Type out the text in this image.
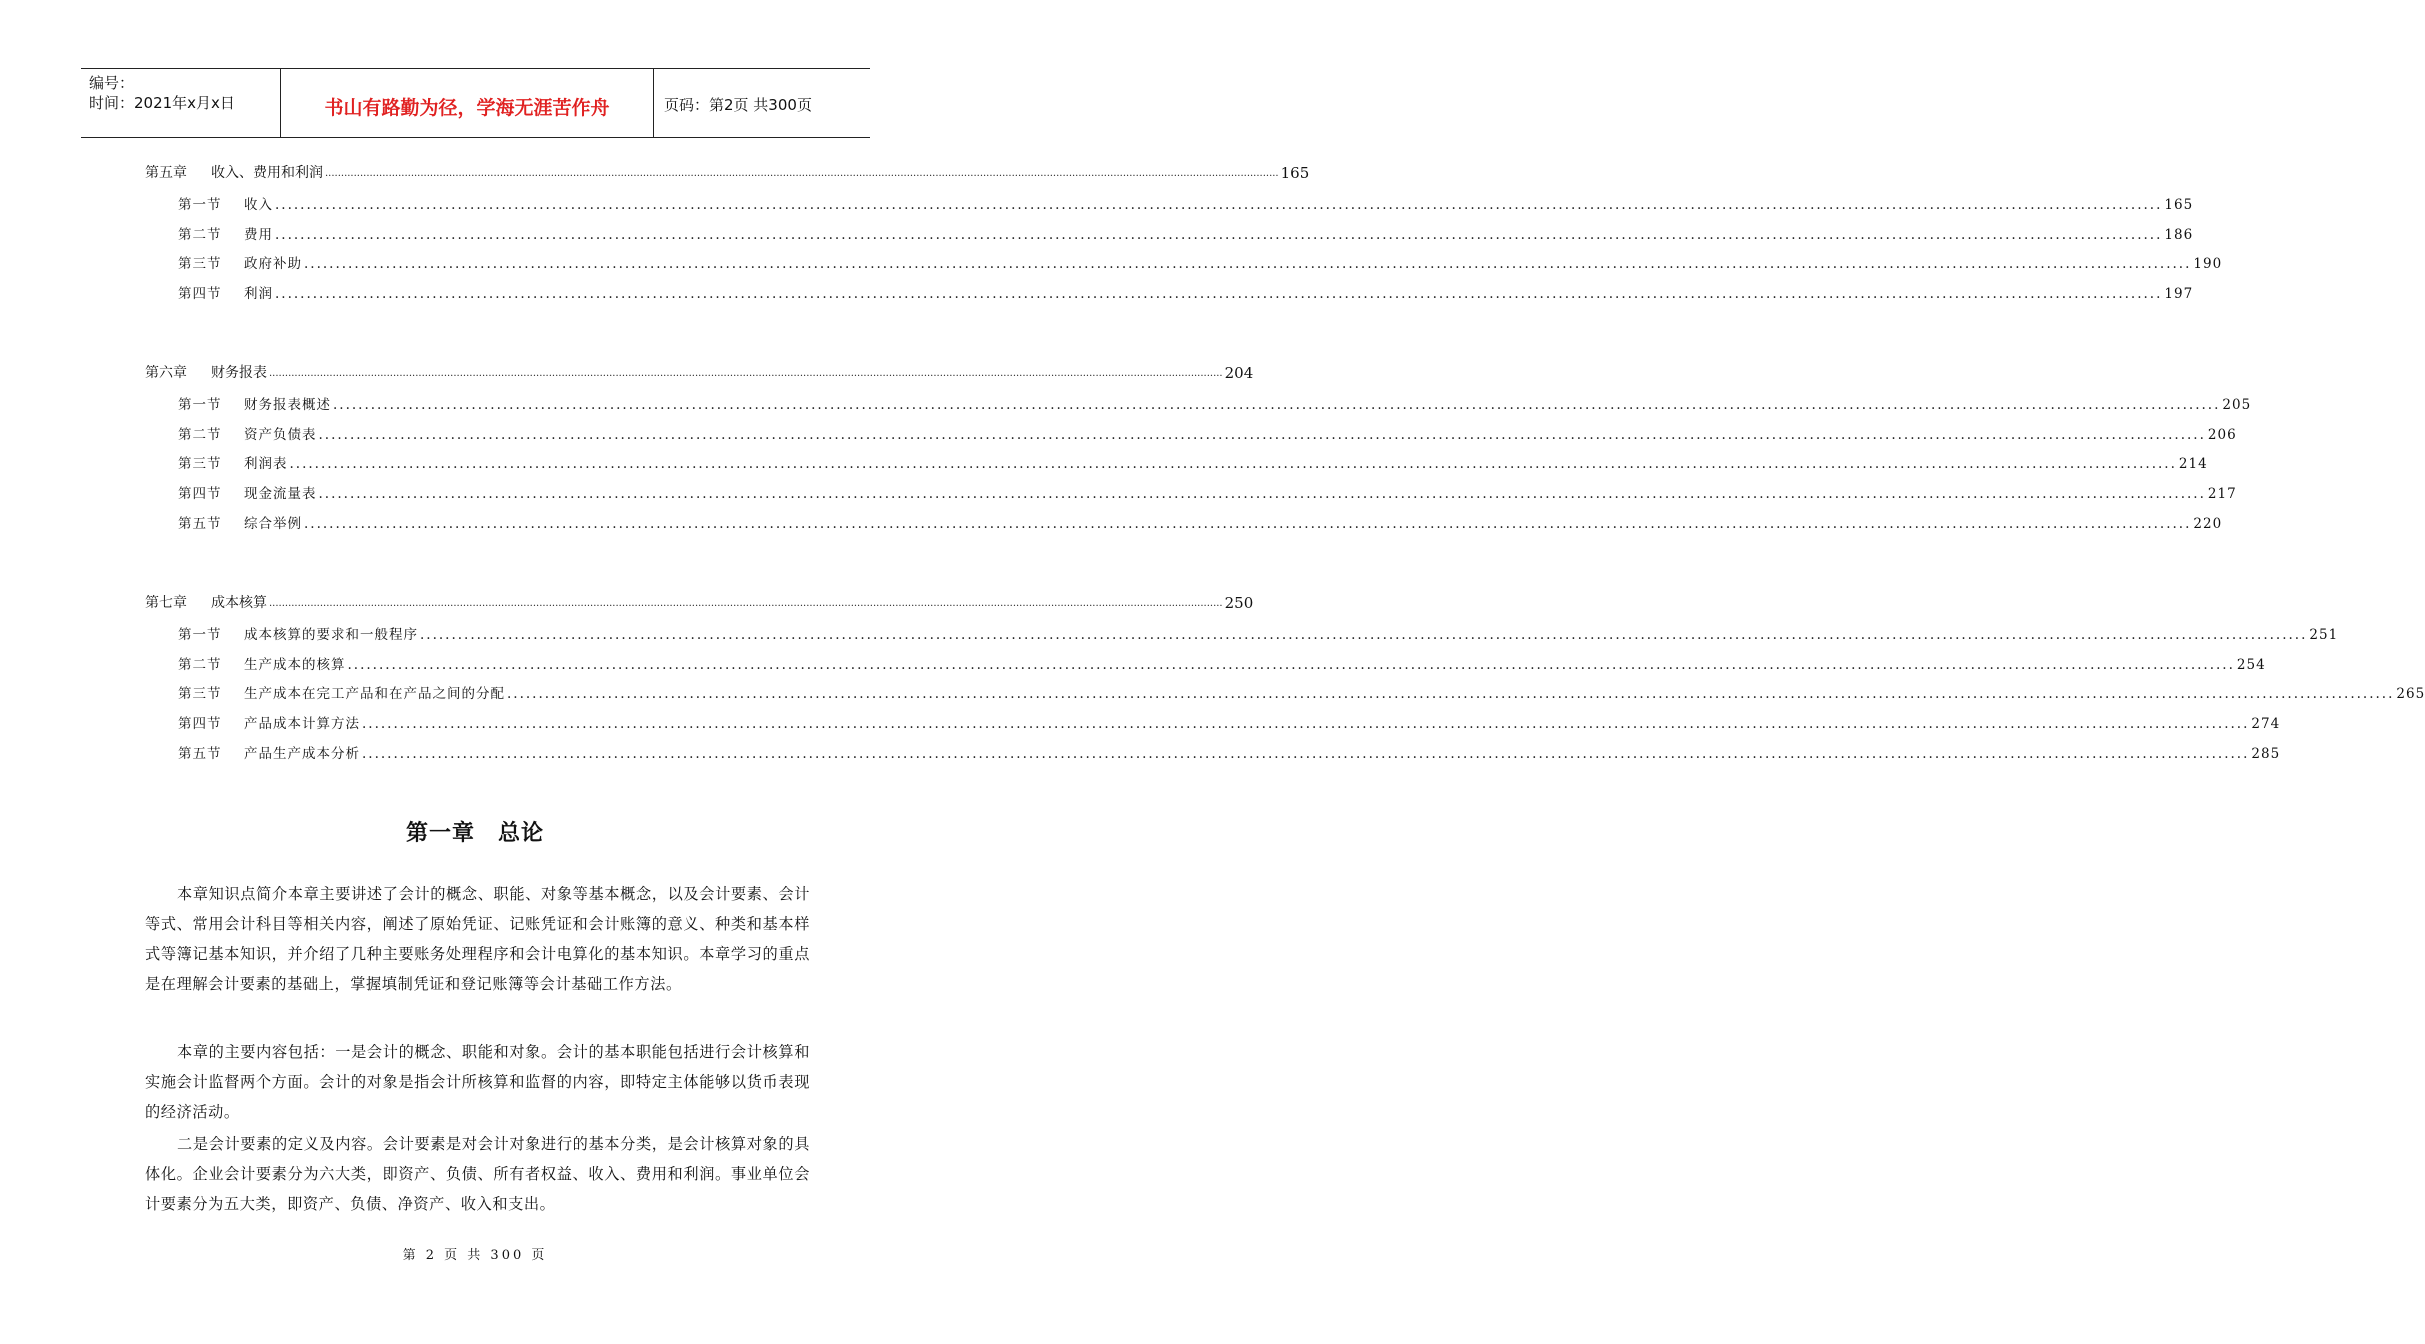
编号：
时间：2021年x月x日	书山有路勤为径，学海无涯苦作舟	页码：第2页 共300页
第五章 收入、费用和利润 ............................................................................................................................................................................................................................................................................................................ 165
第一节 收入 ............................................................................................................................................................................................................................................................................................................ 165
第二节 费用 ............................................................................................................................................................................................................................................................................................................ 186
第三节 政府补助 ............................................................................................................................................................................................................................................................................................................ 190
第四节 利润 ............................................................................................................................................................................................................................................................................................................ 197
第六章 财务报表 ............................................................................................................................................................................................................................................................................................................ 204
第一节 财务报表概述 ............................................................................................................................................................................................................................................................................................................ 205
第二节 资产负债表 ............................................................................................................................................................................................................................................................................................................ 206
第三节 利润表 ............................................................................................................................................................................................................................................................................................................ 214
第四节 现金流量表 ............................................................................................................................................................................................................................................................................................................ 217
第五节 综合举例 ............................................................................................................................................................................................................................................................................................................ 220
第七章 成本核算 ............................................................................................................................................................................................................................................................................................................ 250
第一节 成本核算的要求和一般程序 ............................................................................................................................................................................................................................................................................................................ 251
第二节 生产成本的核算 ............................................................................................................................................................................................................................................................................................................ 254
第三节 生产成本在完工产品和在产品之间的分配 ............................................................................................................................................................................................................................................................................................................ 265
第四节 产品成本计算方法 ............................................................................................................................................................................................................................................................................................................ 274
第五节 产品生产成本分析 ............................................................................................................................................................................................................................................................................................................ 285
第一章　总论
本章知识点简介本章主要讲述了会计的概念、职能、对象等基本概念，以及会计要素、会计等式、常用会计科目等相关内容，阐述了原始凭证、记账凭证和会计账簿的意义、种类和基本样式等簿记基本知识，并介绍了几种主要账务处理程序和会计电算化的基本知识。本章学习的重点是在理解会计要素的基础上，掌握填制凭证和登记账簿等会计基础工作方法。
本章的主要内容包括：一是会计的概念、职能和对象。会计的基本职能包括进行会计核算和实施会计监督两个方面。会计的对象是指会计所核算和监督的内容，即特定主体能够以货币表现的经济活动。
二是会计要素的定义及内容。会计要素是对会计对象进行的基本分类，是会计核算对象的具体化。企业会计要素分为六大类，即资产、负债、所有者权益、收入、费用和利润。事业单位会计要素分为五大类，即资产、负债、净资产、收入和支出。
第 2 页 共 300 页
